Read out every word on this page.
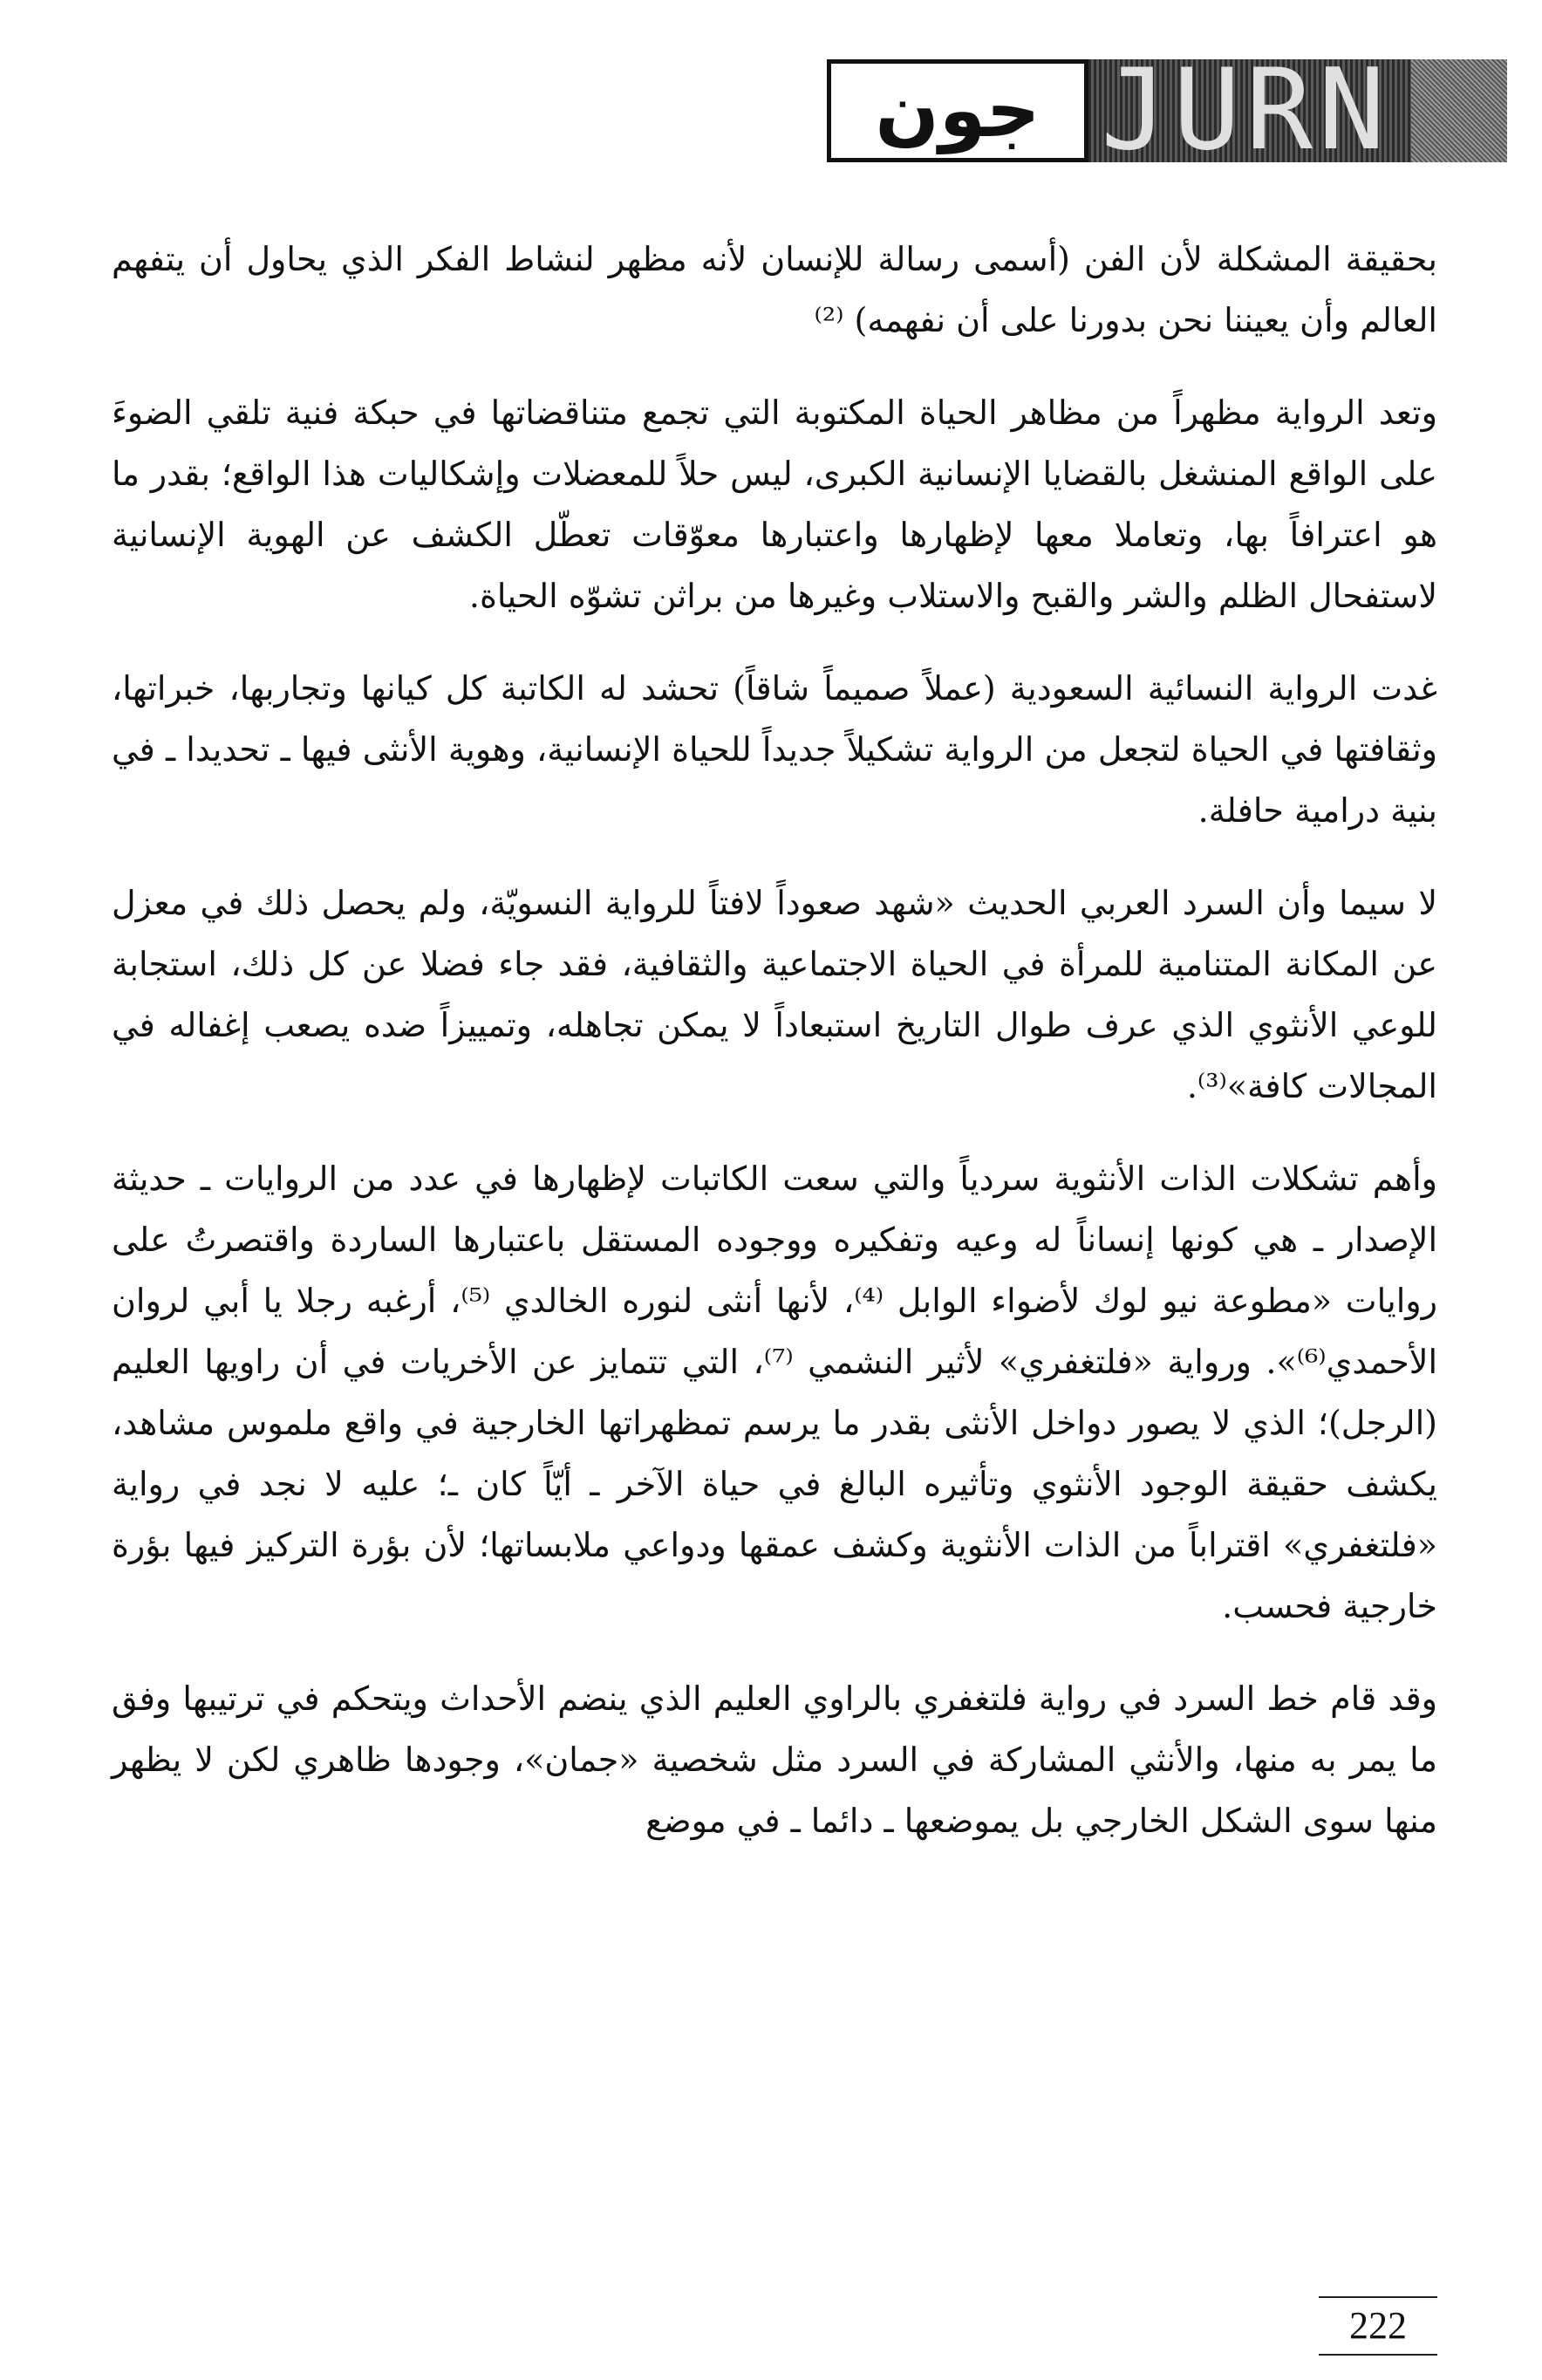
جون JURN

بحقيقة المشكلة لأن الفن (أسمى رسالة للإنسان لأنه مظهر لنشاط الفكر الذي يحاول أن يتفهم العالم وأن يعيننا نحن بدورنا على أن نفهمه) ⁽²⁾

وتعد الرواية مظهراً من مظاهر الحياة المكتوبة التي تجمع متناقضاتها في حبكة فنية تلقي الضوءَ على الواقع المنشغل بالقضايا الإنسانية الكبرى، ليس حلاً للمعضلات وإشكاليات هذا الواقع؛ بقدر ما هو اعترافاً بها، وتعاملا معها لإظهارها واعتبارها معوّقات تعطّل الكشف عن الهوية الإنسانية لاستفحال الظلم والشر والقبح والاستلاب وغيرها من براثن تشوّه الحياة.

غدت الرواية النسائية السعودية (عملاً صميماً شاقاً) تحشد له الكاتبة كل كيانها وتجاربها، خبراتها، وثقافتها في الحياة لتجعل من الرواية تشكيلاً جديداً للحياة الإنسانية، وهوية الأنثى فيها ـ تحديدا ـ في بنية درامية حافلة.

لا سيما وأن السرد العربي الحديث «شهد صعوداً لافتاً للرواية النسويّة، ولم يحصل ذلك في معزل عن المكانة المتنامية للمرأة في الحياة الاجتماعية والثقافية، فقد جاء فضلا عن كل ذلك، استجابة للوعي الأنثوي الذي عرف طوال التاريخ استبعاداً لا يمكن تجاهله، وتمييزاً ضده يصعب إغفاله في المجالات كافة»⁽³⁾.

وأهم تشكلات الذات الأنثوية سردياً والتي سعت الكاتبات لإظهارها في عدد من الروايات ـ حديثة الإصدار ـ هي كونها إنساناً له وعيه وتفكيره ووجوده المستقل باعتبارها الساردة واقتصرتُ على روايات «مطوعة نيو لوك لأضواء الوابل ⁽⁴⁾، لأنها أنثى لنوره الخالدي ⁽⁵⁾، أرغبه رجلا يا أبي لروان الأحمدي⁽⁶⁾». ورواية «فلتغفري» لأثير النشمي ⁽⁷⁾، التي تتمايز عن الأخريات في أن راويها العليم (الرجل)؛ الذي لا يصور دواخل الأنثى بقدر ما يرسم تمظهراتها الخارجية في واقع ملموس مشاهد، يكشف حقيقة الوجود الأنثوي وتأثيره البالغ في حياة الآخر ـ أيّاً كان ـ؛ عليه لا نجد في رواية «فلتغفري» اقتراباً من الذات الأنثوية وكشف عمقها ودواعي ملابساتها؛ لأن بؤرة التركيز فيها بؤرة خارجية فحسب.

وقد قام خط السرد في رواية فلتغفري بالراوي العليم الذي ينضم الأحداث ويتحكم في ترتيبها وفق ما يمر به منها، والأنثي المشاركة في السرد مثل شخصية «جمان»، وجودها ظاهري لكن لا يظهر منها سوى الشكل الخارجي بل يموضعها ـ دائما ـ في موضع

222
